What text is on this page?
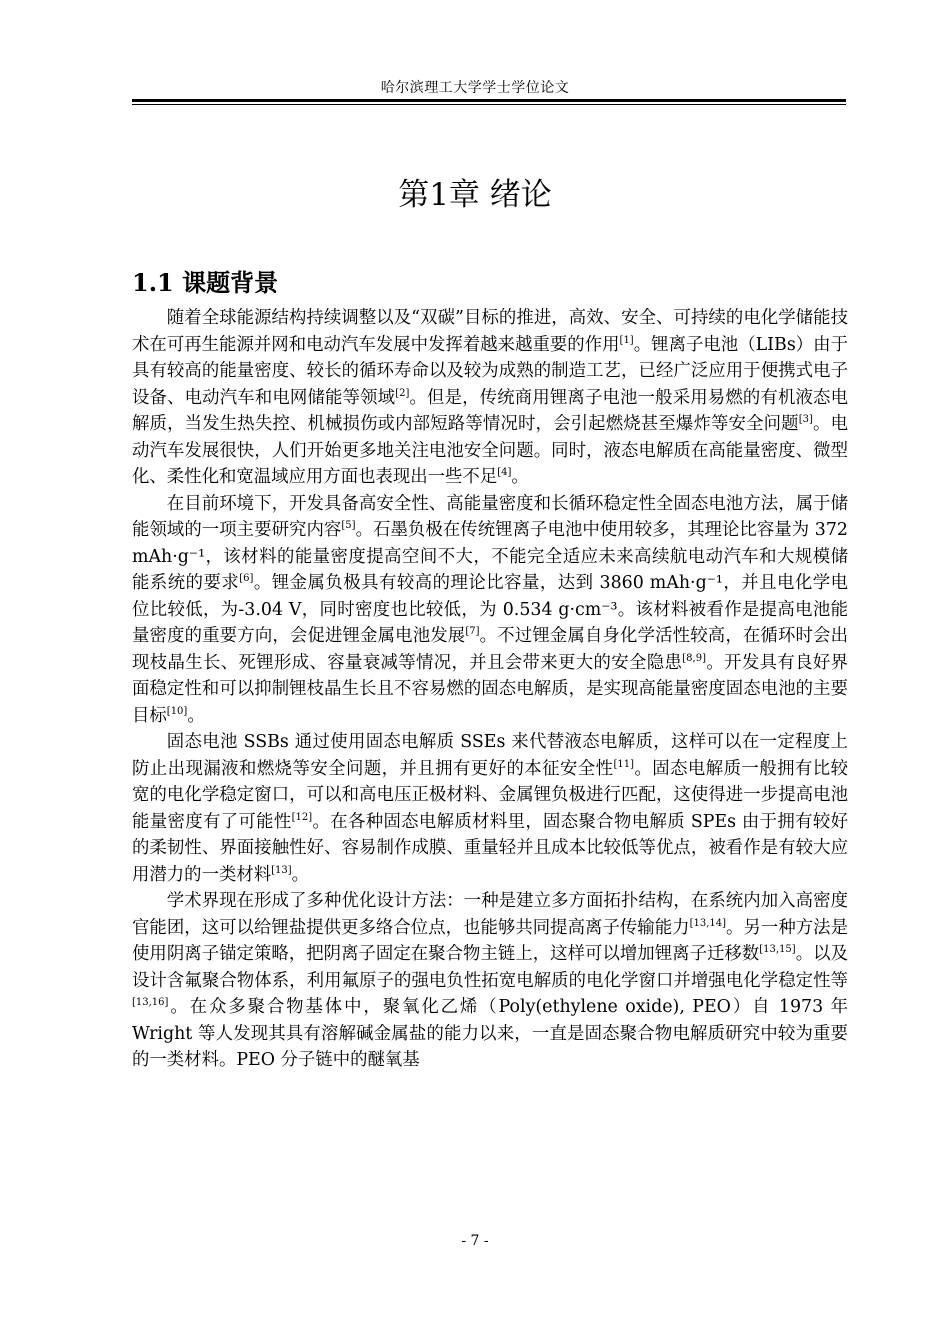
哈尔滨理工大学学士学位论文
第1章 绪论
1.1 课题背景

随着全球能源结构持续调整以及“双碳”目标的推进，高效、安全、可持续的电化学储能技术在可再生能源并网和电动汽车发展中发挥着越来越重要的作用[1]。锂离子电池（LIBs）由于具有较高的能量密度、较长的循环寿命以及较为成熟的制造工艺，已经广泛应用于便携式电子设备、电动汽车和电网储能等领域[2]。但是，传统商用锂离子电池一般采用易燃的有机液态电解质，当发生热失控、机械损伤或内部短路等情况时，会引起燃烧甚至爆炸等安全问题[3]。电动汽车发展很快，人们开始更多地关注电池安全问题。同时，液态电解质在高能量密度、微型化、柔性化和宽温域应用方面也表现出一些不足[4]。

在目前环境下，开发具备高安全性、高能量密度和长循环稳定性全固态电池方法，属于储能领域的一项主要研究内容[5]。石墨负极在传统锂离子电池中使用较多，其理论比容量为 372 mAh·g⁻¹，该材料的能量密度提高空间不大，不能完全适应未来高续航电动汽车和大规模储能系统的要求[6]。锂金属负极具有较高的理论比容量，达到 3860 mAh·g⁻¹，并且电化学电位比较低，为-3.04 V，同时密度也比较低，为 0.534 g·cm⁻³。该材料被看作是提高电池能量密度的重要方向，会促进锂金属电池发展[7]。不过锂金属自身化学活性较高，在循环时会出现枝晶生长、死锂形成、容量衰减等情况，并且会带来更大的安全隐患[8,9]。开发具有良好界面稳定性和可以抑制锂枝晶生长且不容易燃的固态电解质，是实现高能量密度固态电池的主要目标[10]。

固态电池 SSBs 通过使用固态电解质 SSEs 来代替液态电解质，这样可以在一定程度上防止出现漏液和燃烧等安全问题，并且拥有更好的本征安全性[11]。固态电解质一般拥有比较宽的电化学稳定窗口，可以和高电压正极材料、金属锂负极进行匹配，这使得进一步提高电池能量密度有了可能性[12]。在各种固态电解质材料里，固态聚合物电解质 SPEs 由于拥有较好的柔韧性、界面接触性好、容易制作成膜、重量轻并且成本比较低等优点，被看作是有较大应用潜力的一类材料[13]。

学术界现在形成了多种优化设计方法：一种是建立多方面拓扑结构，在系统内加入高密度官能团，这可以给锂盐提供更多络合位点，也能够共同提高离子传输能力[13,14]。另一种方法是使用阴离子锚定策略，把阴离子固定在聚合物主链上，这样可以增加锂离子迁移数[13,15]。以及设计含氟聚合物体系，利用氟原子的强电负性拓宽电解质的电化学窗口并增强电化学稳定性等[13,16]。在众多聚合物基体中，聚氧化乙烯（Poly(ethylene oxide), PEO）自 1973 年 Wright 等人发现其具有溶解碱金属盐的能力以来，一直是固态聚合物电解质研究中较为重要的一类材料。PEO 分子链中的醚氧基

- 7 -
